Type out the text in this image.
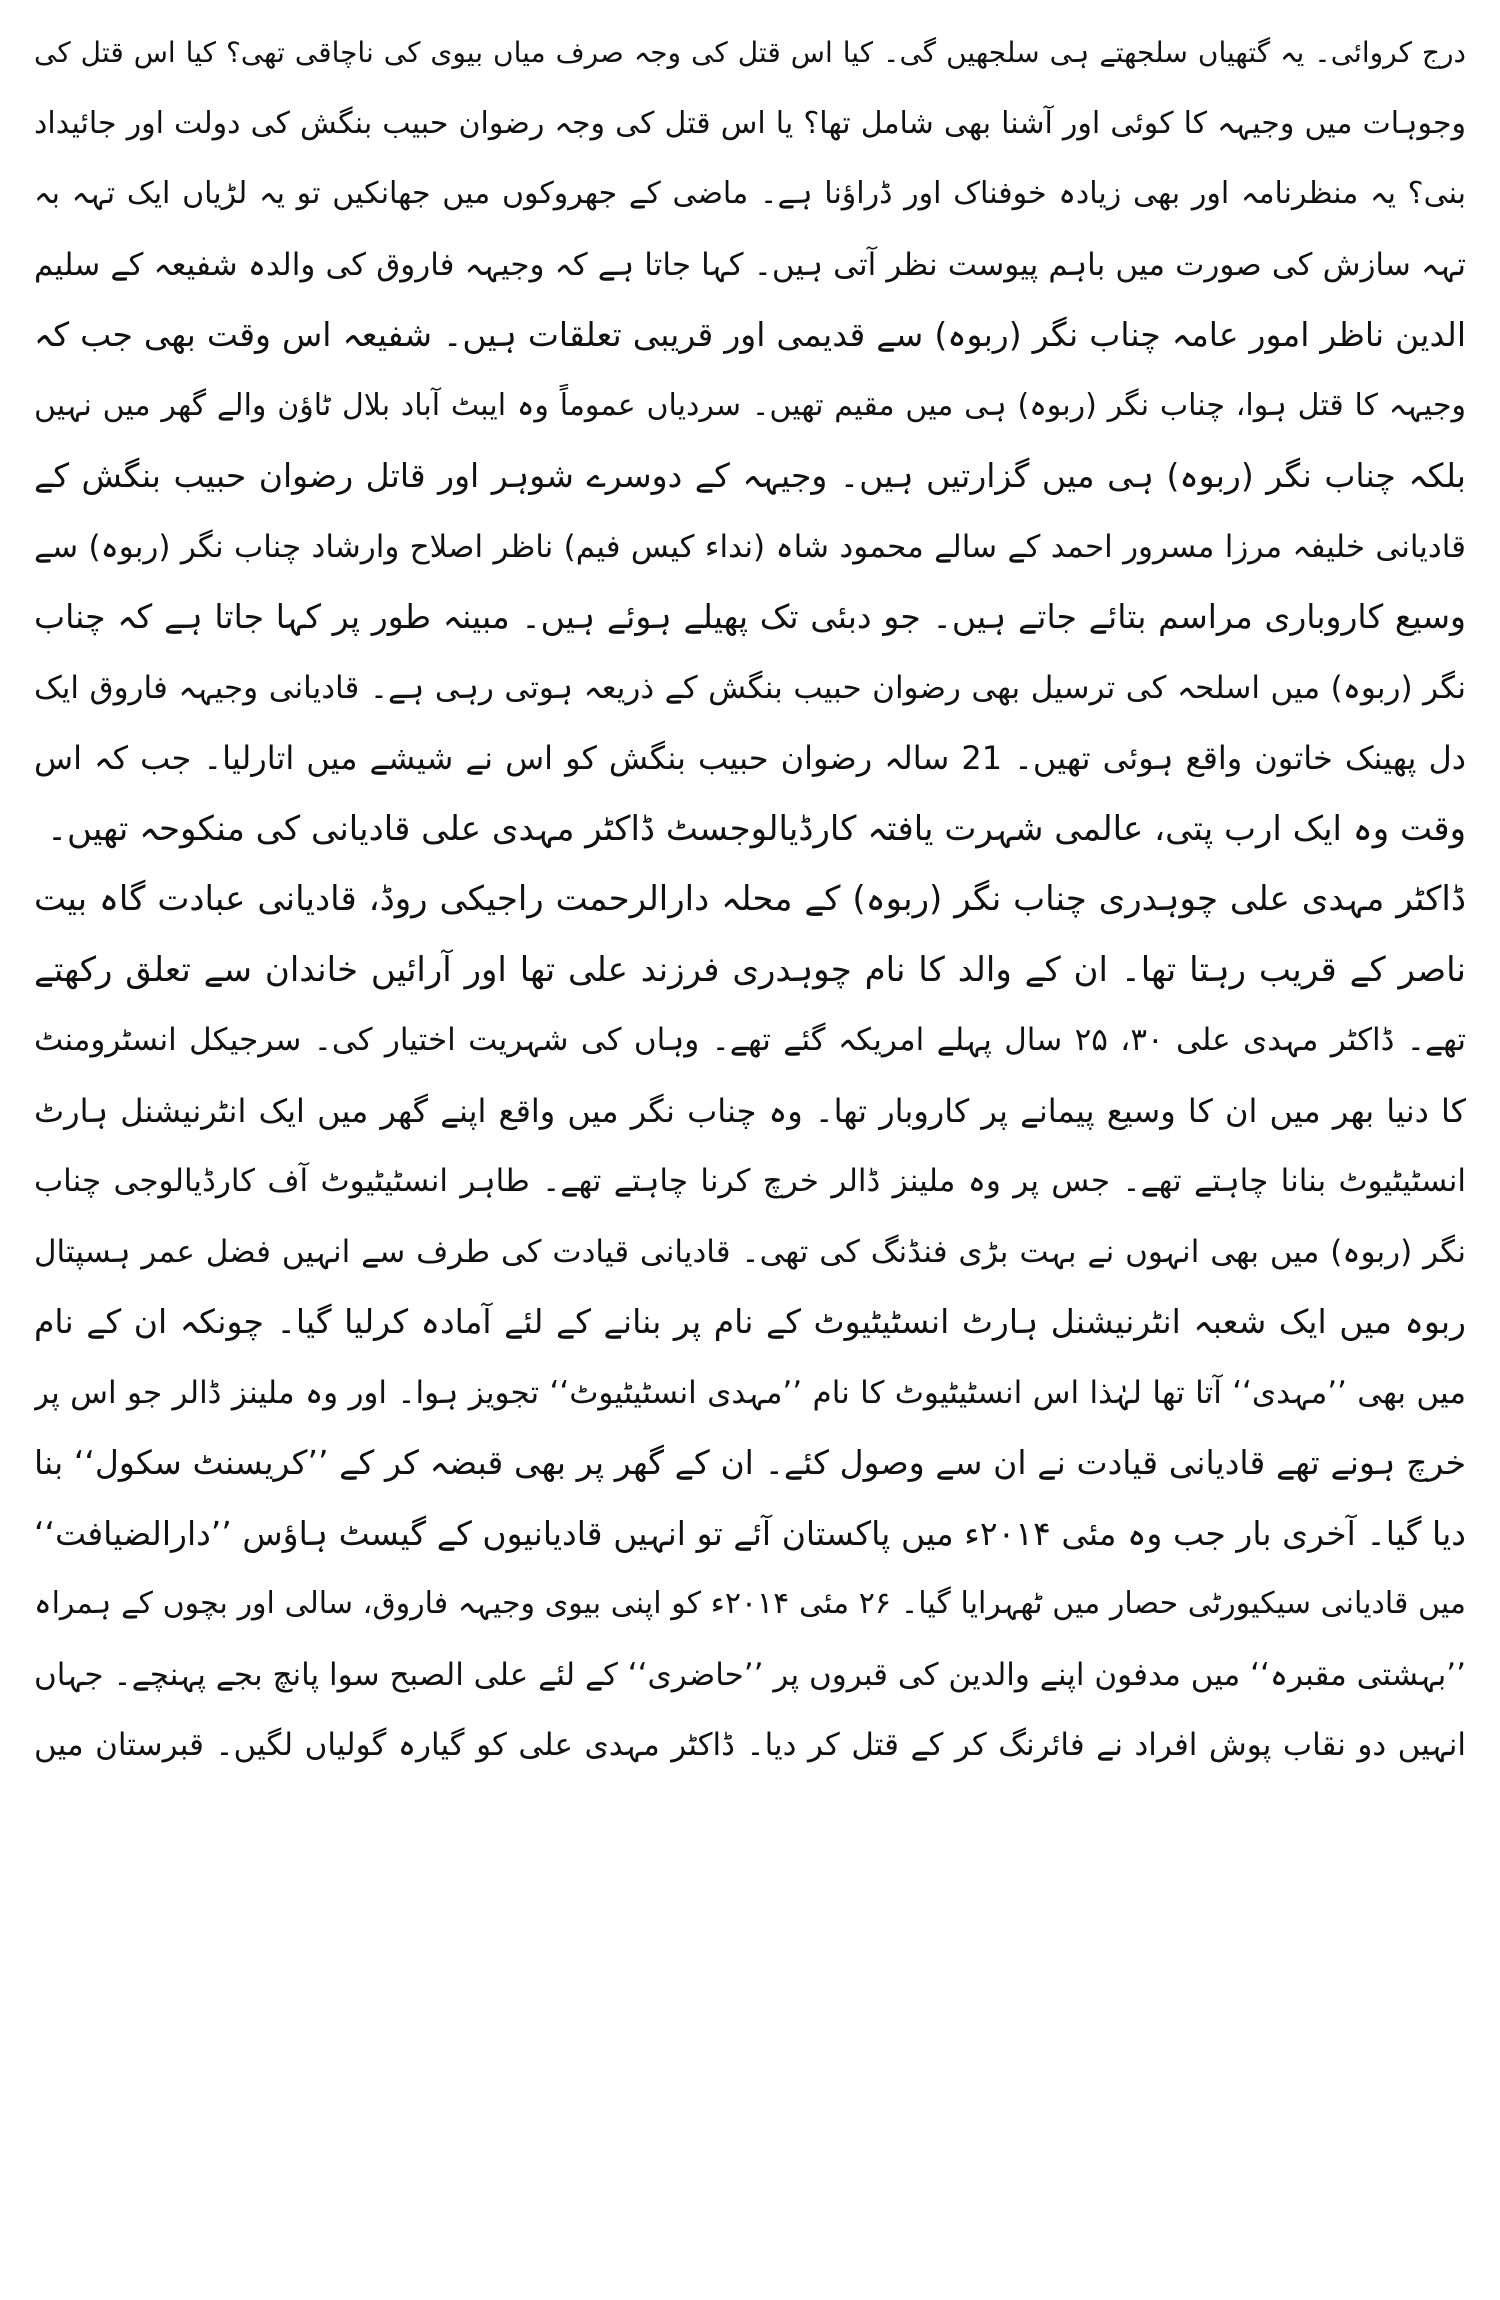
درج کروائی۔ یہ گتھیاں سلجھتے ہی سلجھیں گی۔ کیا اس قتل کی وجہ صرف میاں بیوی کی ناچاقی تھی؟ کیا اس قتل کی
وجوہات میں وجیہہ کا کوئی اور آشنا بھی شامل تھا؟ یا اس قتل کی وجہ رضوان حبیب بنگش کی دولت اور جائیداد
بنی؟ یہ منظرنامہ اور بھی زیادہ خوفناک اور ڈراؤنا ہے۔ ماضی کے جھروکوں میں جھانکیں تو یہ لڑیاں ایک تہہ بہ
تہہ سازش کی صورت میں باہم پیوست نظر آتی ہیں۔ کہا جاتا ہے کہ وجیہہ فاروق کی والدہ شفیعہ کے سلیم
الدین ناظر امور عامہ چناب نگر (ربوہ) سے قدیمی اور قریبی تعلقات ہیں۔ شفیعہ اس وقت بھی جب کہ
وجیہہ کا قتل ہوا، چناب نگر (ربوہ) ہی میں مقیم تھیں۔ سردیاں عموماً وہ ایبٹ آباد بلال ٹاؤن والے گھر میں نہیں
بلکہ چناب نگر (ربوہ) ہی میں گزارتیں ہیں۔ وجیہہ کے دوسرے شوہر اور قاتل رضوان حبیب بنگش کے
قادیانی خلیفہ مرزا مسرور احمد کے سالے محمود شاہ (نداء کیس فیم) ناظر اصلاح وارشاد چناب نگر (ربوہ) سے
وسیع کاروباری مراسم بتائے جاتے ہیں۔ جو دبئی تک پھیلے ہوئے ہیں۔ مبینہ طور پر کہا جاتا ہے کہ چناب
نگر (ربوہ) میں اسلحہ کی ترسیل بھی رضوان حبیب بنگش کے ذریعہ ہوتی رہی ہے۔ قادیانی وجیہہ فاروق ایک
دل پھینک خاتون واقع ہوئی تھیں۔ 21 سالہ رضوان حبیب بنگش کو اس نے شیشے میں اتارلیا۔ جب کہ اس
وقت وہ ایک ارب پتی، عالمی شہرت یافتہ کارڈیالوجسٹ ڈاکٹر مہدی علی قادیانی کی منکوحہ تھیں۔
ڈاکٹر مہدی علی چوہدری چناب نگر (ربوہ) کے محلہ دارالرحمت راجیکی روڈ، قادیانی عبادت گاہ بیت
ناصر کے قریب رہتا تھا۔ ان کے والد کا نام چوہدری فرزند علی تھا اور آرائیں خاندان سے تعلق رکھتے
تھے۔ ڈاکٹر مہدی علی ۳۰، ۲۵ سال پہلے امریکہ گئے تھے۔ وہاں کی شہریت اختیار کی۔ سرجیکل انسٹرومنٹ
کا دنیا بھر میں ان کا وسیع پیمانے پر کاروبار تھا۔ وہ چناب نگر میں واقع اپنے گھر میں ایک انٹرنیشنل ہارٹ
انسٹیٹیوٹ بنانا چاہتے تھے۔ جس پر وہ ملینز ڈالر خرچ کرنا چاہتے تھے۔ طاہر انسٹیٹیوٹ آف کارڈیالوجی چناب
نگر (ربوہ) میں بھی انہوں نے بہت بڑی فنڈنگ کی تھی۔ قادیانی قیادت کی طرف سے انہیں فضل عمر ہسپتال
ربوہ میں ایک شعبہ انٹرنیشنل ہارٹ انسٹیٹیوٹ کے نام پر بنانے کے لئے آمادہ کرلیا گیا۔ چونکہ ان کے نام
میں بھی ’’مہدی‘‘ آتا تھا لہٰذا اس انسٹیٹیوٹ کا نام ’’مہدی انسٹیٹیوٹ‘‘ تجویز ہوا۔ اور وہ ملینز ڈالر جو اس پر
خرچ ہونے تھے قادیانی قیادت نے ان سے وصول کئے۔ ان کے گھر پر بھی قبضہ کر کے ’’کریسنٹ سکول‘‘ بنا
دیا گیا۔ آخری بار جب وہ مئی ۲۰۱۴ء میں پاکستان آئے تو انہیں قادیانیوں کے گیسٹ ہاؤس ’’دارالضیافت‘‘
میں قادیانی سیکیورٹی حصار میں ٹھہرایا گیا۔ ۲۶ مئی ۲۰۱۴ء کو اپنی بیوی وجیہہ فاروق، سالی اور بچوں کے ہمراہ
’’بہشتی مقبرہ‘‘ میں مدفون اپنے والدین کی قبروں پر ’’حاضری‘‘ کے لئے علی الصبح سوا پانچ بجے پہنچے۔ جہاں
انہیں دو نقاب پوش افراد نے فائرنگ کر کے قتل کر دیا۔ ڈاکٹر مہدی علی کو گیارہ گولیاں لگیں۔ قبرستان میں
